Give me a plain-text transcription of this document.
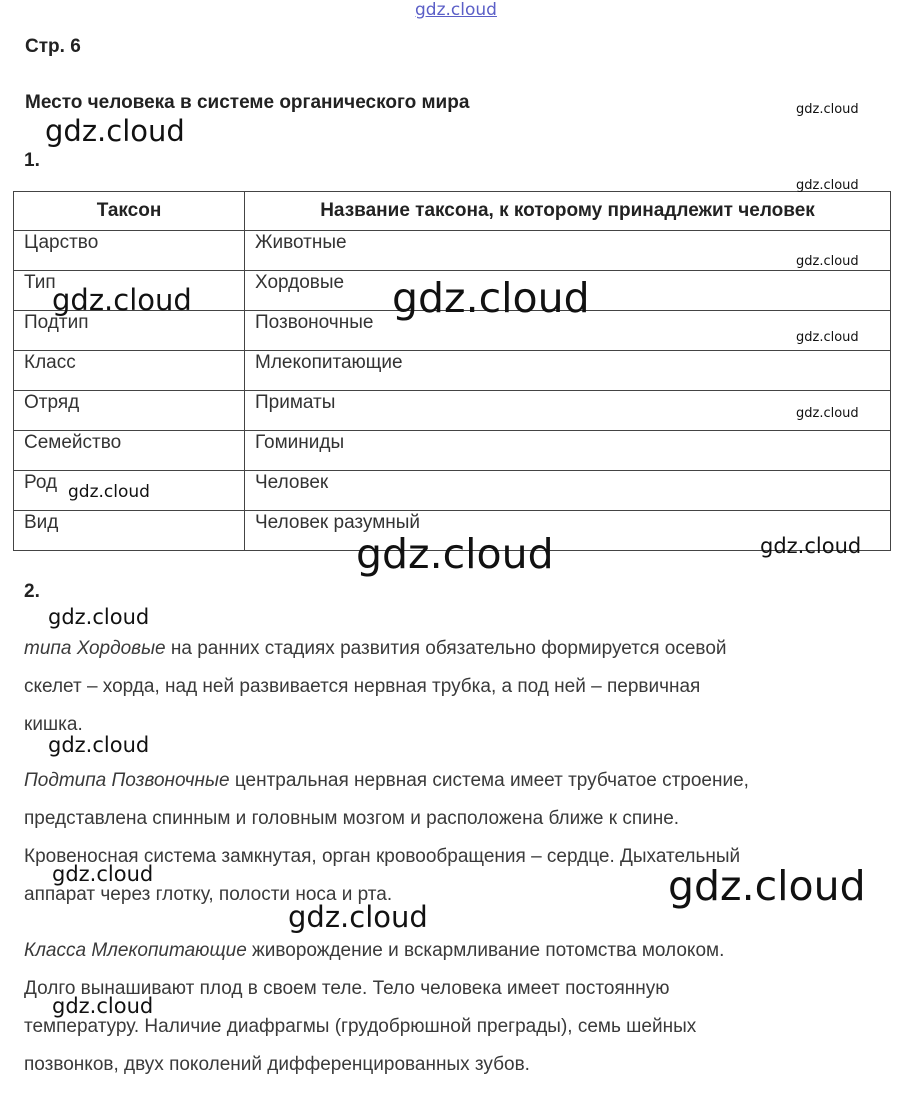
gdz.cloud
Стр. 6
Место человека в системе органического мира
1.
Таксон	Название таксона, к которому принадлежит человек
Царство	Животные
Тип	Хордовые
Подтип	Позвоночные
Класс	Млекопитающие
Отряд	Приматы
Семейство	Гоминиды
Род	Человек
Вид	Человек разумный
2.
типа Хордовые на ранних стадиях развития обязательно формируется осевой
скелет – хорда, над ней развивается нервная трубка, а под ней – первичная
кишка.
Подтипа Позвоночные центральная нервная система имеет трубчатое строение,
представлена спинным и головным мозгом и расположена ближе к спине.
Кровеносная система замкнутая, орган кровообращения – сердце. Дыхательный
аппарат через глотку, полости носа и рта.
Класса Млекопитающие живорождение и вскармливание потомства молоком.
Долго вынашивают плод в своем теле. Тело человека имеет постоянную
температуру. Наличие диафрагмы (грудобрюшной преграды), семь шейных
позвонков, двух поколений дифференцированных зубов.
gdz.cloud
gdz.cloud
gdz.cloud
gdz.cloud
gdz.cloud	gdz.cloud
gdz.cloud
gdz.cloud
gdz.cloud
gdz.cloud	gdz.cloud
gdz.cloud
gdz.cloud
gdz.cloud	gdz.cloud
gdz.cloud
gdz.cloud
